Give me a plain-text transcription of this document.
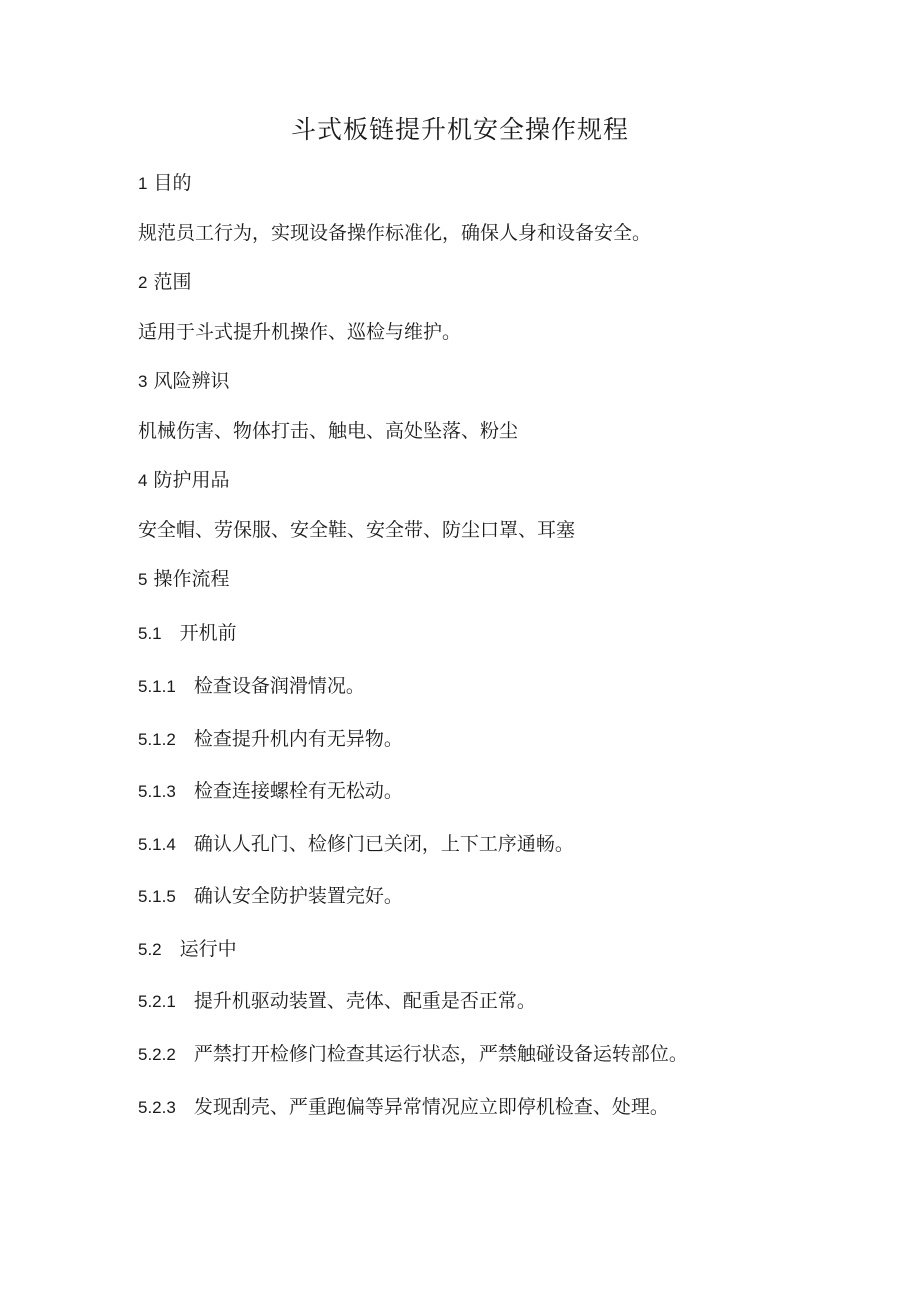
斗式板链提升机安全操作规程

1 目的

规范员工行为，实现设备操作标准化，确保人身和设备安全。

2 范围

适用于斗式提升机操作、巡检与维护。

3 风险辨识

机械伤害、物体打击、触电、高处坠落、粉尘

4 防护用品

安全帽、劳保服、安全鞋、安全带、防尘口罩、耳塞

5 操作流程

5.1 开机前

5.1.1 检查设备润滑情况。

5.1.2 检查提升机内有无异物。

5.1.3 检查连接螺栓有无松动。

5.1.4 确认人孔门、检修门已关闭，上下工序通畅。

5.1.5 确认安全防护装置完好。

5.2 运行中

5.2.1 提升机驱动装置、壳体、配重是否正常。

5.2.2 严禁打开检修门检查其运行状态，严禁触碰设备运转部位。

5.2.3 发现刮壳、严重跑偏等异常情况应立即停机检查、处理。
